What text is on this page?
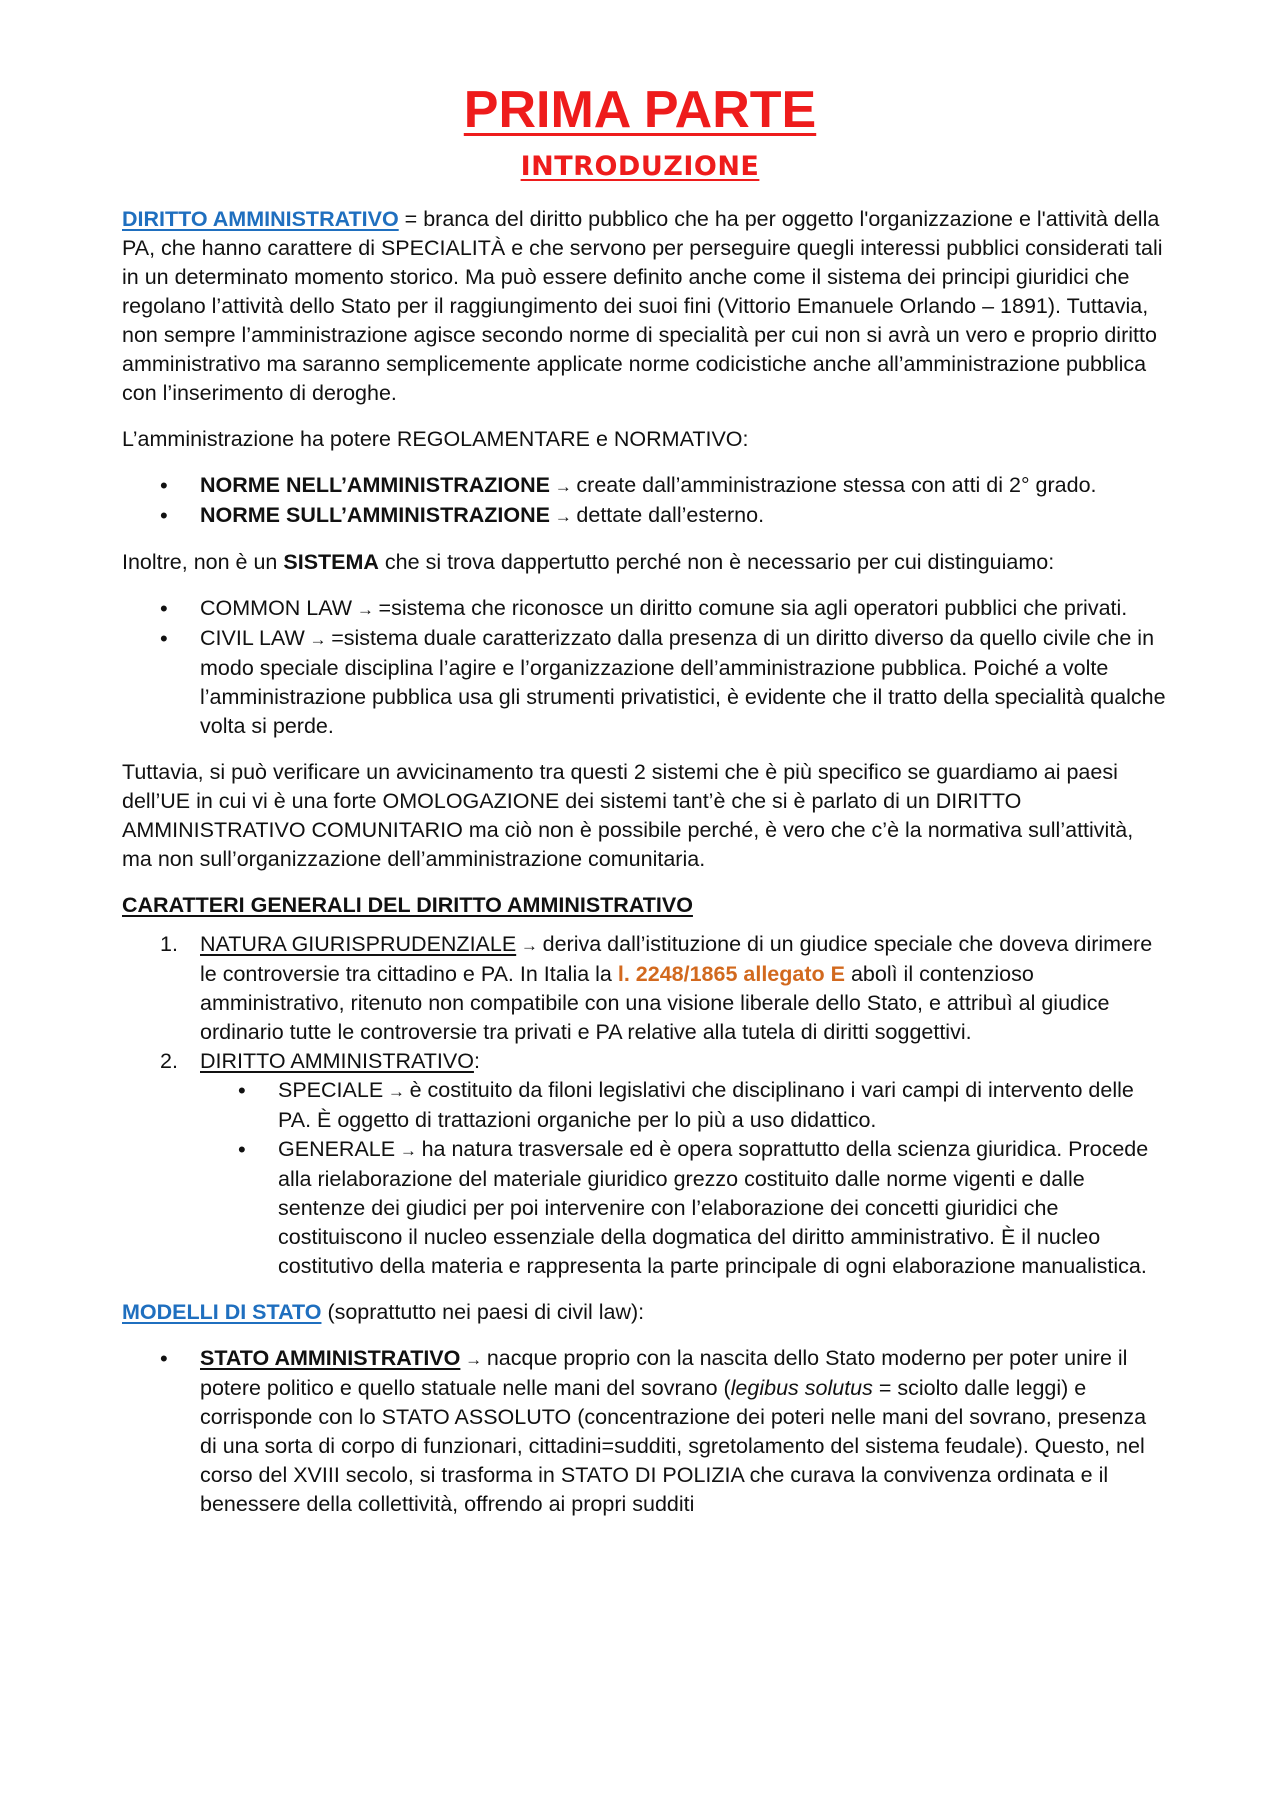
PRIMA PARTE
INTRODUZIONE

DIRITTO AMMINISTRATIVO = branca del diritto pubblico che ha per oggetto l'organizzazione e l'attività della PA, che hanno carattere di SPECIALITÀ e che servono per perseguire quegli interessi pubblici considerati tali in un determinato momento storico. Ma può essere definito anche come il sistema dei principi giuridici che regolano l’attività dello Stato per il raggiungimento dei suoi fini (Vittorio Emanuele Orlando – 1891). Tuttavia, non sempre l’amministrazione agisce secondo norme di specialità per cui non si avrà un vero e proprio diritto amministrativo ma saranno semplicemente applicate norme codicistiche anche all’amministrazione pubblica con l’inserimento di deroghe.

L’amministrazione ha potere REGOLAMENTARE e NORMATIVO:

• NORME NELL’AMMINISTRAZIONE → create dall’amministrazione stessa con atti di 2° grado.
• NORME SULL’AMMINISTRAZIONE → dettate dall’esterno.

Inoltre, non è un SISTEMA che si trova dappertutto perché non è necessario per cui distinguiamo:

• COMMON LAW → =sistema che riconosce un diritto comune sia agli operatori pubblici che privati.
• CIVIL LAW → =sistema duale caratterizzato dalla presenza di un diritto diverso da quello civile che in modo speciale disciplina l’agire e l’organizzazione dell’amministrazione pubblica. Poiché a volte l’amministrazione pubblica usa gli strumenti privatistici, è evidente che il tratto della specialità qualche volta si perde.

Tuttavia, si può verificare un avvicinamento tra questi 2 sistemi che è più specifico se guardiamo ai paesi dell’UE in cui vi è una forte OMOLOGAZIONE dei sistemi tant’è che si è parlato di un DIRITTO AMMINISTRATIVO COMUNITARIO ma ciò non è possibile perché, è vero che c’è la normativa sull’attività, ma non sull’organizzazione dell’amministrazione comunitaria.

CARATTERI GENERALI DEL DIRITTO AMMINISTRATIVO
1. NATURA GIURISPRUDENZIALE → deriva dall’istituzione di un giudice speciale che doveva dirimere le controversie tra cittadino e PA. In Italia la l. 2248/1865 allegato E abolì il contenzioso amministrativo, ritenuto non compatibile con una visione liberale dello Stato, e attribuì al giudice ordinario tutte le controversie tra privati e PA relative alla tutela di diritti soggettivi.
2. DIRITTO AMMINISTRATIVO:
• SPECIALE → è costituito da filoni legislativi che disciplinano i vari campi di intervento delle PA. È oggetto di trattazioni organiche per lo più a uso didattico.
• GENERALE → ha natura trasversale ed è opera soprattutto della scienza giuridica. Procede alla rielaborazione del materiale giuridico grezzo costituito dalle norme vigenti e dalle sentenze dei giudici per poi intervenire con l’elaborazione dei concetti giuridici che costituiscono il nucleo essenziale della dogmatica del diritto amministrativo. È il nucleo costitutivo della materia e rappresenta la parte principale di ogni elaborazione manualistica.

MODELLI DI STATO (soprattutto nei paesi di civil law):

• STATO AMMINISTRATIVO → nacque proprio con la nascita dello Stato moderno per poter unire il potere politico e quello statuale nelle mani del sovrano (legibus solutus = sciolto dalle leggi) e corrisponde con lo STATO ASSOLUTO (concentrazione dei poteri nelle mani del sovrano, presenza di una sorta di corpo di funzionari, cittadini=sudditi, sgretolamento del sistema feudale). Questo, nel corso del XVIII secolo, si trasforma in STATO DI POLIZIA che curava la convivenza ordinata e il benessere della collettività, offrendo ai propri sudditi
